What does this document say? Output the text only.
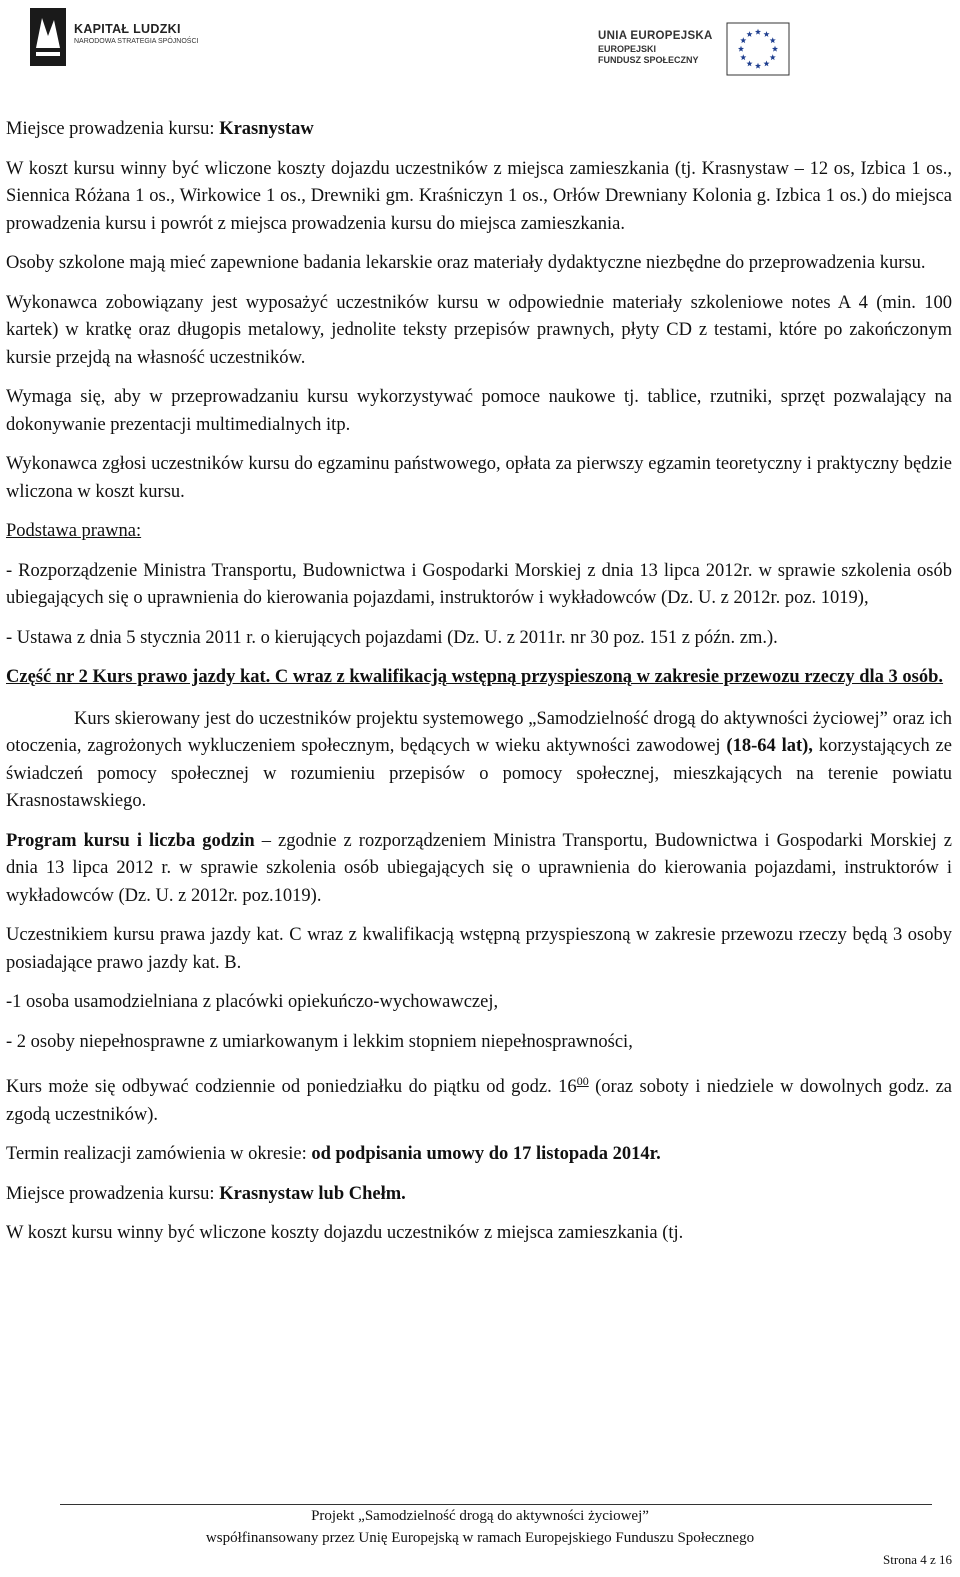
KAPITAŁ LUDZKI
NARODOWA STRATEGIA SPÓJNOŚCI	UNIA EUROPEJSKA
EUROPEJSKI
FUNDUSZ SPOŁECZNY

Miejsce prowadzenia kursu: Krasnystaw

W koszt kursu winny być wliczone koszty dojazdu uczestników z miejsca zamieszkania (tj. Krasnystaw – 12 os, Izbica 1 os., Siennica Różana 1 os., Wirkowice 1 os., Drewniki gm. Kraśniczyn 1 os., Orłów Drewniany Kolonia g. Izbica 1 os.) do miejsca prowadzenia kursu i powrót z miejsca prowadzenia kursu do miejsca zamieszkania.

Osoby szkolone mają mieć zapewnione badania lekarskie oraz materiały dydaktyczne niezbędne do przeprowadzenia kursu.

Wykonawca zobowiązany jest wyposażyć uczestników kursu w odpowiednie materiały szkoleniowe notes A 4 (min. 100 kartek) w kratkę oraz długopis metalowy, jednolite teksty przepisów prawnych, płyty CD z testami, które po zakończonym kursie przejdą na własność uczestników.

Wymaga się, aby w przeprowadzaniu kursu wykorzystywać pomoce naukowe tj. tablice, rzutniki, sprzęt pozwalający na dokonywanie prezentacji multimedialnych itp.

Wykonawca zgłosi uczestników kursu do egzaminu państwowego, opłata za pierwszy egzamin teoretyczny i praktyczny będzie wliczona w koszt kursu.

Podstawa prawna:

- Rozporządzenie Ministra Transportu, Budownictwa i Gospodarki Morskiej z dnia 13 lipca 2012r. w sprawie szkolenia osób ubiegających się o uprawnienia do kierowania pojazdami, instruktorów i wykładowców (Dz. U. z 2012r. poz. 1019),

- Ustawa z dnia 5 stycznia 2011 r. o kierujących pojazdami (Dz. U. z 2011r. nr 30 poz. 151 z późn. zm.).

Część nr 2 Kurs prawo jazdy kat. C wraz z kwalifikacją wstępną przyspieszoną w zakresie przewozu rzeczy dla 3 osób.

Kurs skierowany jest do uczestników projektu systemowego „Samodzielność drogą do aktywności życiowej” oraz ich otoczenia, zagrożonych wykluczeniem społecznym, będących w wieku aktywności zawodowej (18-64 lat), korzystających ze świadczeń pomocy społecznej w rozumieniu przepisów o pomocy społecznej, mieszkających na terenie powiatu Krasnostawskiego.

Program kursu i liczba godzin – zgodnie z rozporządzeniem Ministra Transportu, Budownictwa i Gospodarki Morskiej z dnia 13 lipca 2012 r. w sprawie szkolenia osób ubiegających się o uprawnienia do kierowania pojazdami, instruktorów i wykładowców (Dz. U. z 2012r. poz.1019).

Uczestnikiem kursu prawa jazdy kat. C wraz z kwalifikacją wstępną przyspieszoną w zakresie przewozu rzeczy będą 3 osoby posiadające prawo jazdy kat. B.

-1 osoba usamodzielniana z placówki opiekuńczo-wychowawczej,

- 2 osoby niepełnosprawne z umiarkowanym i lekkim stopniem niepełnosprawności,

Kurs może się odbywać codziennie od poniedziałku do piątku od godz. $16^{00}$ (oraz soboty i niedziele w dowolnych godz. za zgodą uczestników).

Termin realizacji zamówienia w okresie: od podpisania umowy do 17 listopada 2014r.

Miejsce prowadzenia kursu: Krasnystaw lub Chełm.

W koszt kursu winny być wliczone koszty dojazdu uczestników z miejsca zamieszkania (tj.

Projekt „Samodzielność drogą do aktywności życiowej”
współfinansowany przez Unię Europejską w ramach Europejskiego Funduszu Społecznego
Strona 4 z 16
